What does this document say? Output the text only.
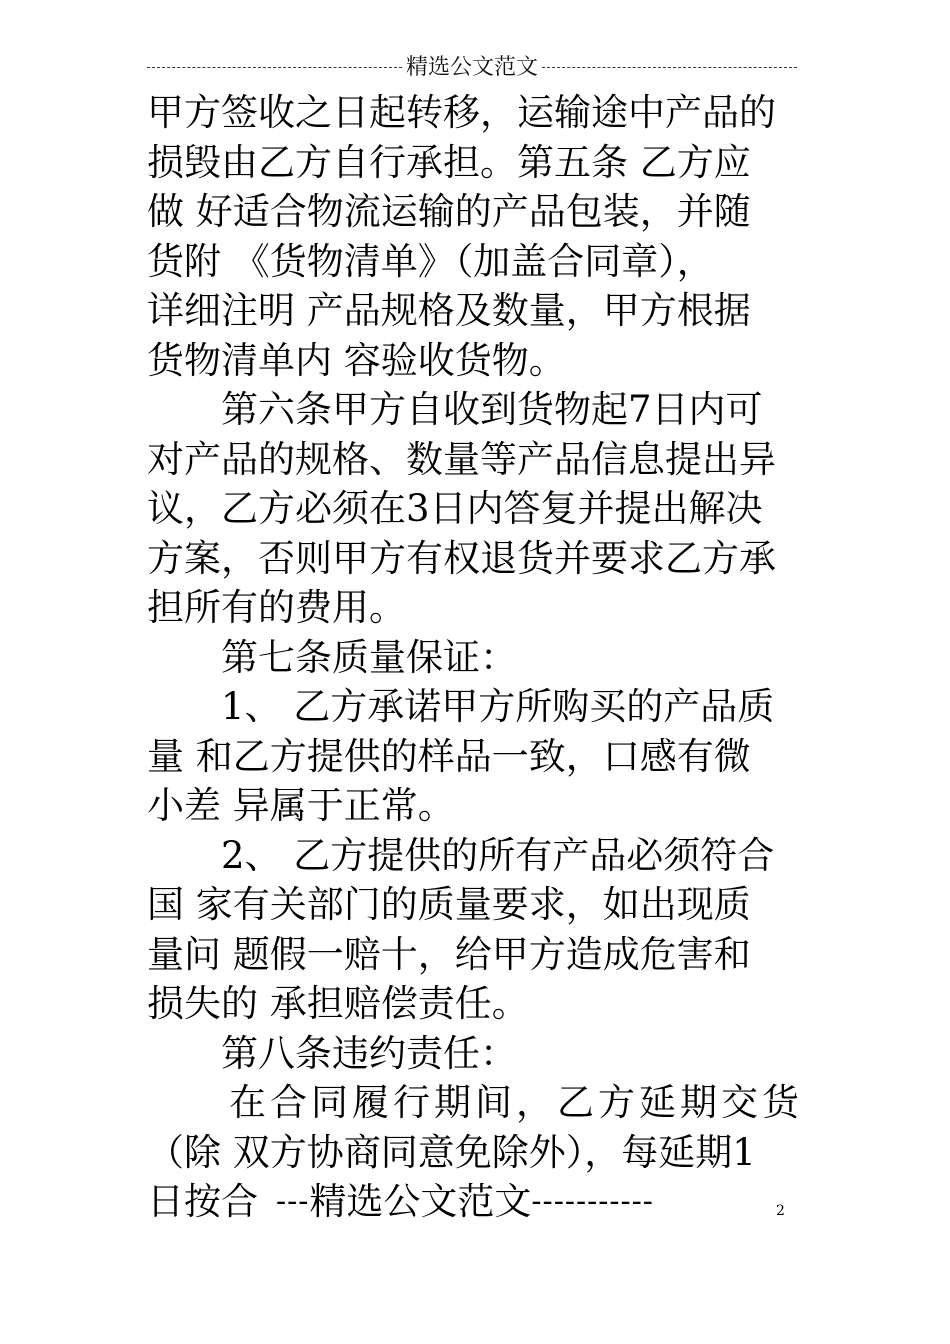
精选公文范文
甲方签收之日起转移，运输途中产品的
损毁由乙方自行承担。第五条 乙方应
做 好适合物流运输的产品包装，并随
货附 《货物清单》（加盖合同章），
详细注明 产品规格及数量，甲方根据
货物清单内 容验收货物。
　　第六条甲方自收到货物起7日内可
对产品的规格、数量等产品信息提出异
议，乙方必须在3日内答复并提出解决
方案，否则甲方有权退货并要求乙方承
担所有的费用。
　　第七条质量保证：
　　1、 乙方承诺甲方所购买的产品质
量 和乙方提供的样品一致，口感有微
小差 异属于正常。
　　2、 乙方提供的所有产品必须符合
国 家有关部门的质量要求，如出现质
量问 题假一赔十，给甲方造成危害和
损失的 承担赔偿责任。
　　第八条违约责任：
　　在合同履行期间，乙方延期交货
（除 双方协商同意免除外），每延期1
日按合 --- 精选公文范文 -----------	2
